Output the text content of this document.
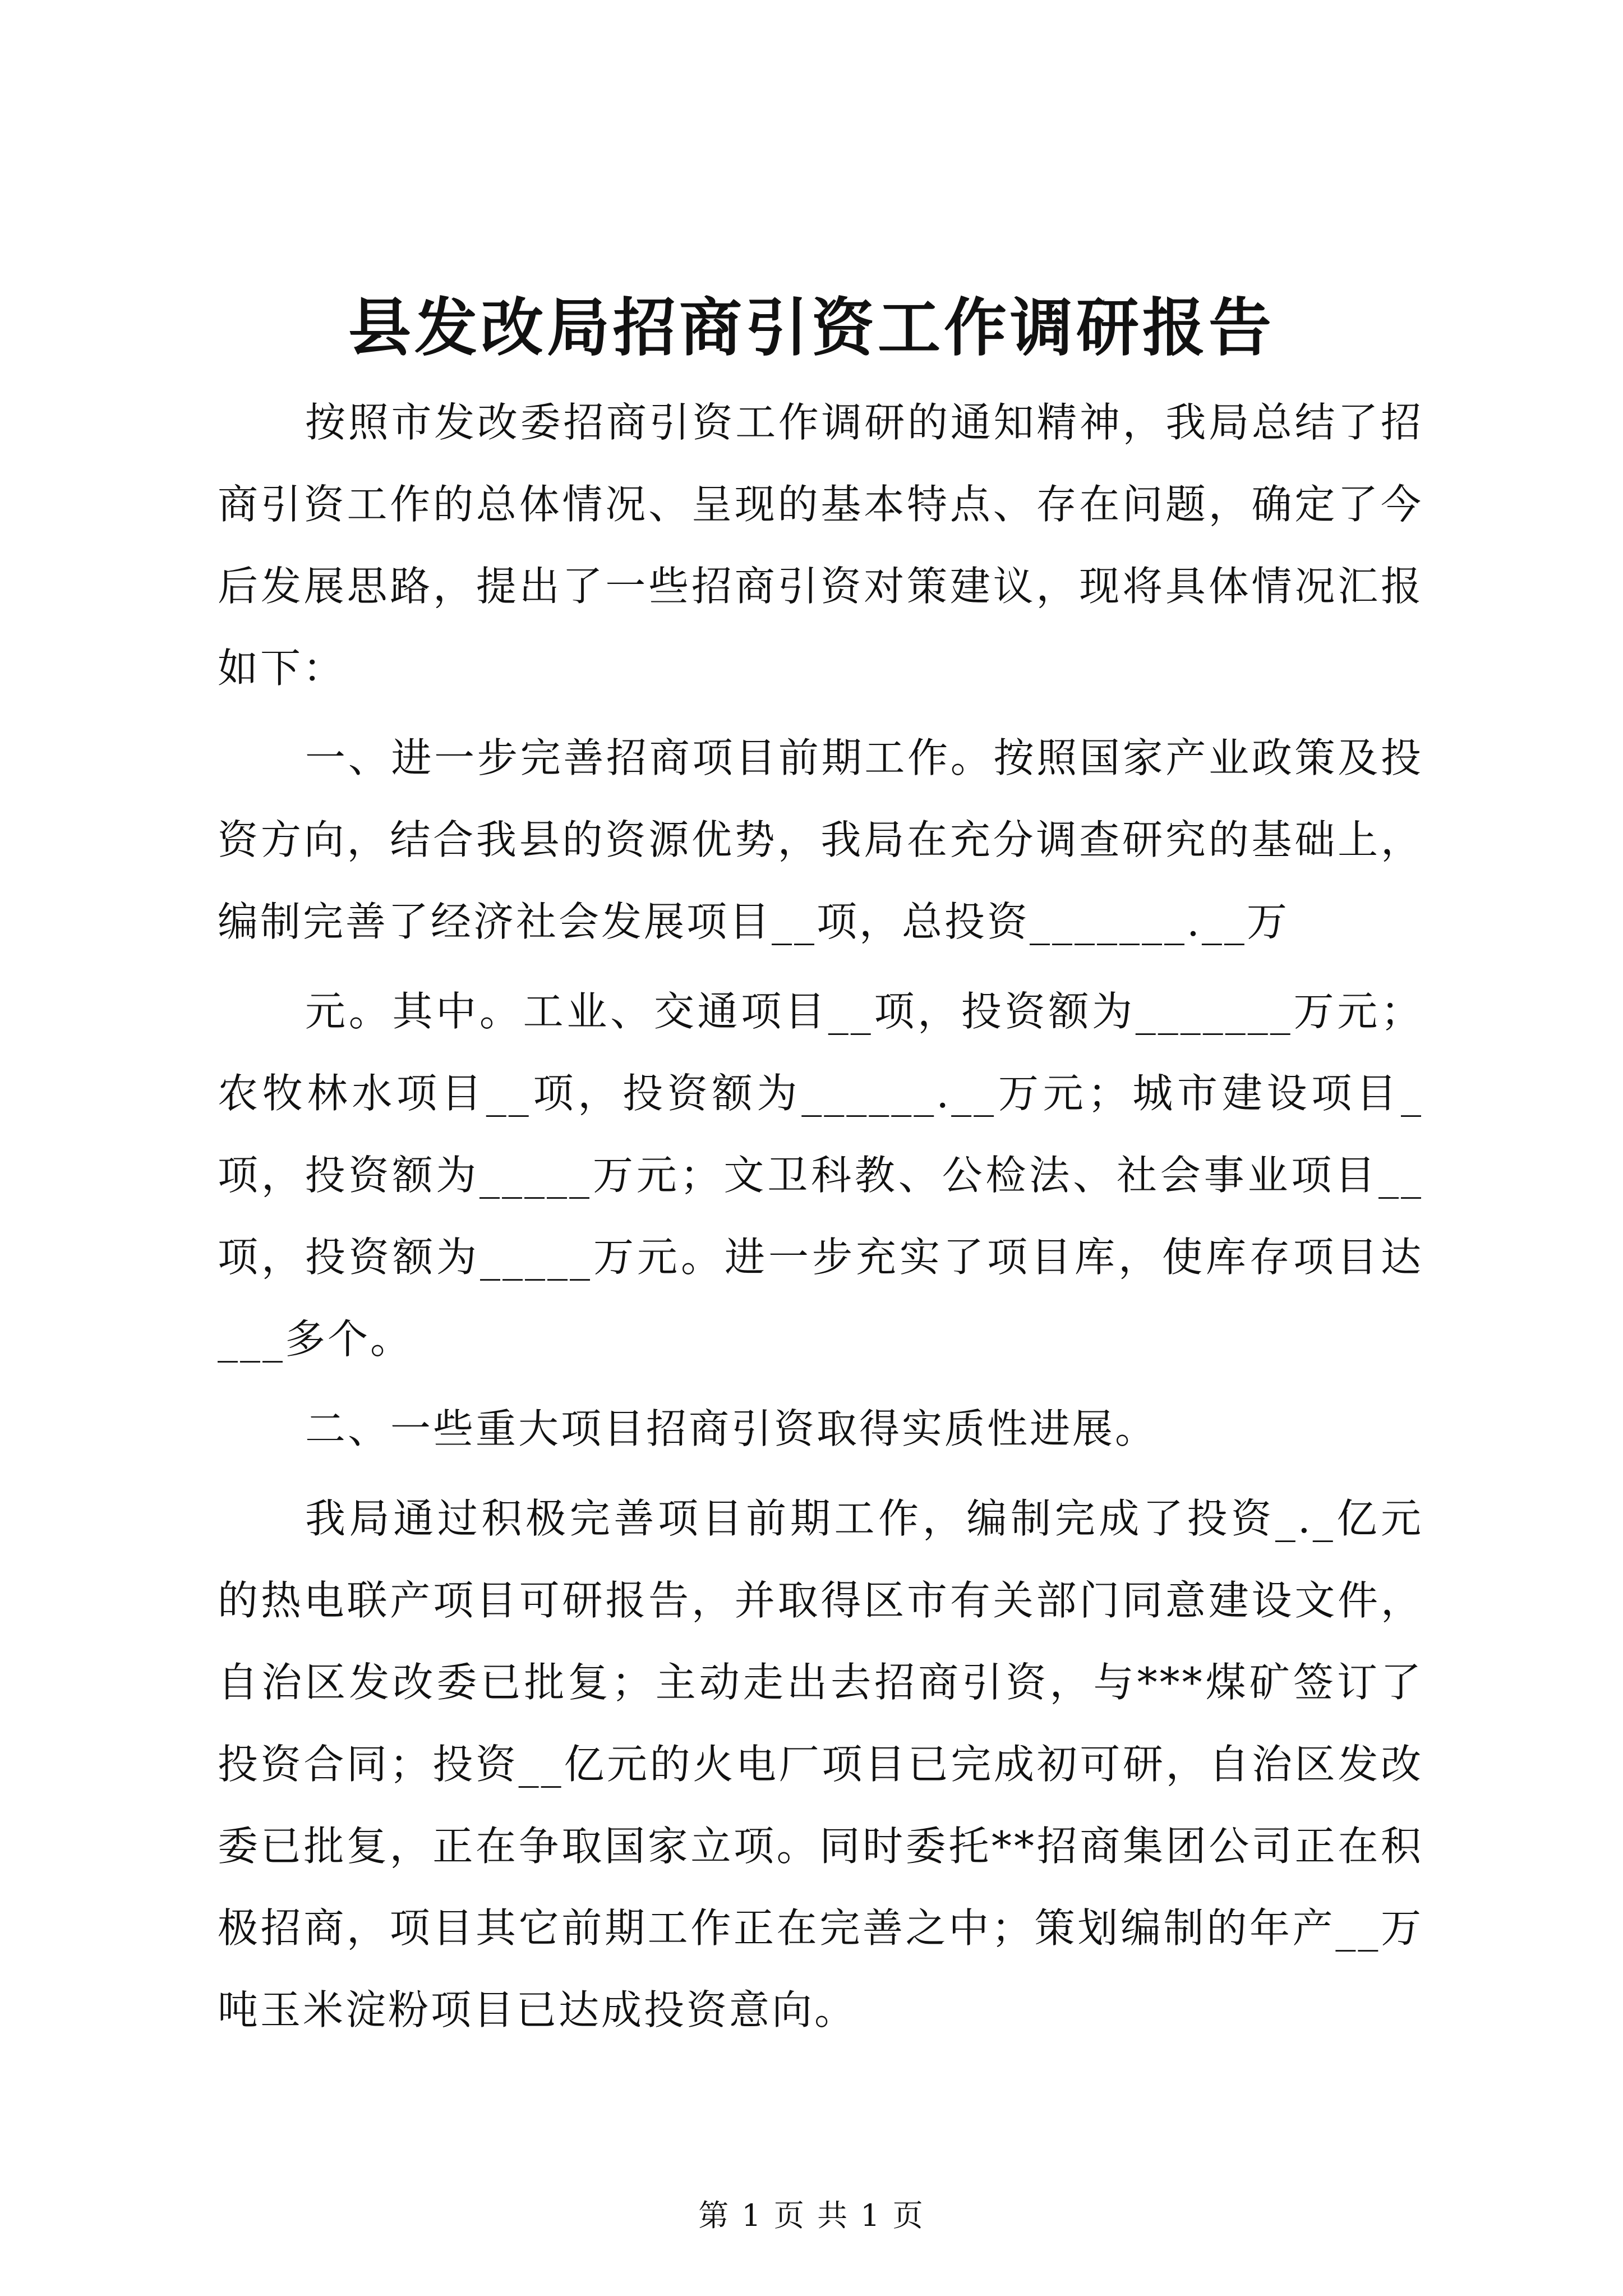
县发改局招商引资工作调研报告

按照市发改委招商引资工作调研的通知精神，我局总结了招商引资工作的总体情况、呈现的基本特点、存在问题，确定了今后发展思路，提出了一些招商引资对策建议，现将具体情况汇报如下：

一、进一步完善招商项目前期工作。按照国家产业政策及投资方向，结合我县的资源优势，我局在充分调查研究的基础上，编制完善了经济社会发展项目__项，总投资_______.__万

元。其中。工业、交通项目__项，投资额为_______万元；农牧林水项目__项，投资额为______.__万元；城市建设项目_项，投资额为_____万元；文卫科教、公检法、社会事业项目__项，投资额为_____万元。进一步充实了项目库，使库存项目达___多个。

二、一些重大项目招商引资取得实质性进展。

我局通过积极完善项目前期工作，编制完成了投资_._亿元的热电联产项目可研报告，并取得区市有关部门同意建设文件，自治区发改委已批复；主动走出去招商引资，与***煤矿签订了投资合同；投资__亿元的火电厂项目已完成初可研，自治区发改委已批复，正在争取国家立项。同时委托**招商集团公司正在积极招商，项目其它前期工作正在完善之中；策划编制的年产__万吨玉米淀粉项目已达成投资意向。

第 1 页 共 1 页
